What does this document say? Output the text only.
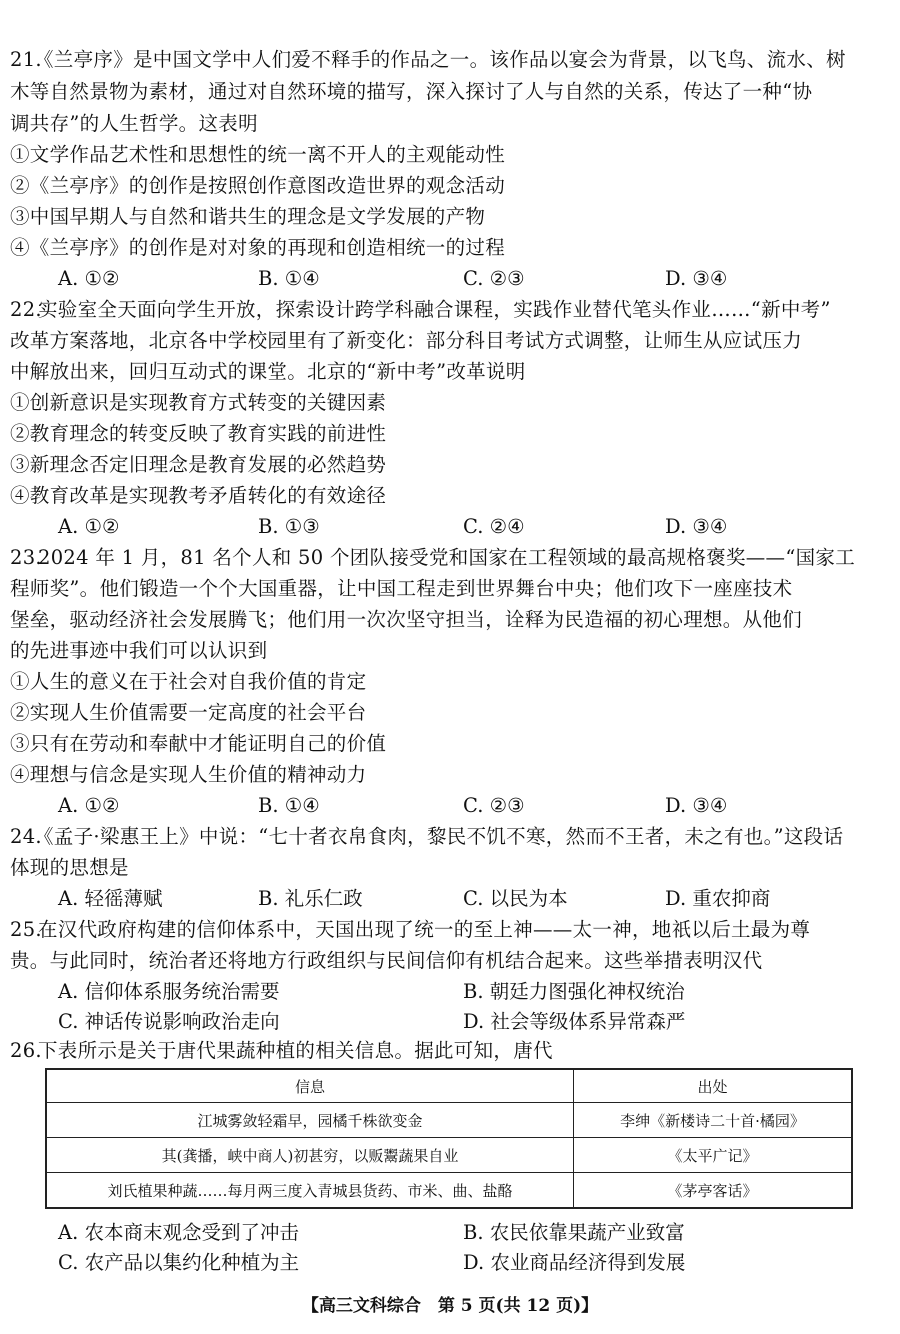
21.
《兰亭序》是中国文学中人们爱不释手的作品之一。该作品以宴会为背景，以飞鸟、流水、树
木等自然景物为素材，通过对自然环境的描写，深入探讨了人与自然的关系，传达了一种“协
调共存”的人生哲学。这表明
①文学作品艺术性和思想性的统一离不开人的主观能动性
②《兰亭序》的创作是按照创作意图改造世界的观念活动
③中国早期人与自然和谐共生的理念是文学发展的产物
④《兰亭序》的创作是对对象的再现和创造相统一的过程
A. ①②	B. ①④	C. ②③	D. ③④
22.
实验室全天面向学生开放，探索设计跨学科融合课程，实践作业替代笔头作业……“新中考”
改革方案落地，北京各中学校园里有了新变化：部分科目考试方式调整，让师生从应试压力
中解放出来，回归互动式的课堂。北京的“新中考”改革说明
①创新意识是实现教育方式转变的关键因素
②教育理念的转变反映了教育实践的前进性
③新理念否定旧理念是教育发展的必然趋势
④教育改革是实现教考矛盾转化的有效途径
A. ①②	B. ①③	C. ②④	D. ③④
23.
2024 年 1 月，81 名个人和 50 个团队接受党和国家在工程领域的最高规格褒奖——“国家工
程师奖”。他们锻造一个个大国重器，让中国工程走到世界舞台中央；他们攻下一座座技术
堡垒，驱动经济社会发展腾飞；他们用一次次坚守担当，诠释为民造福的初心理想。从他们
的先进事迹中我们可以认识到
①人生的意义在于社会对自我价值的肯定
②实现人生价值需要一定高度的社会平台
③只有在劳动和奉献中才能证明自己的价值
④理想与信念是实现人生价值的精神动力
A. ①②	B. ①④	C. ②③	D. ③④
24.
《孟子·梁惠王上》中说：“七十者衣帛食肉，黎民不饥不寒，然而不王者，未之有也。”这段话
体现的思想是
A. 轻徭薄赋	B. 礼乐仁政	C. 以民为本	D. 重农抑商
25.
在汉代政府构建的信仰体系中，天国出现了统一的至上神——太一神，地祇以后土最为尊
贵。与此同时，统治者还将地方行政组织与民间信仰有机结合起来。这些举措表明汉代
A. 信仰体系服务统治需要	B. 朝廷力图强化神权统治
C. 神话传说影响政治走向	D. 社会等级体系异常森严
26.
下表所示是关于唐代果蔬种植的相关信息。据此可知，唐代
信息	出处
江城雾敛轻霜早，园橘千株欲变金	李绅《新楼诗二十首·橘园》
其(龚播，峡中商人)初甚穷，以贩鬻蔬果自业	《太平广记》
刘氏植果种蔬……每月两三度入青城县货药、市米、曲、盐酪	《茅亭客话》
A. 农本商末观念受到了冲击	B. 农民依靠果蔬产业致富
C. 农产品以集约化种植为主	D. 农业商品经济得到发展
【高三文科综合　第 5 页(共 12 页)】
